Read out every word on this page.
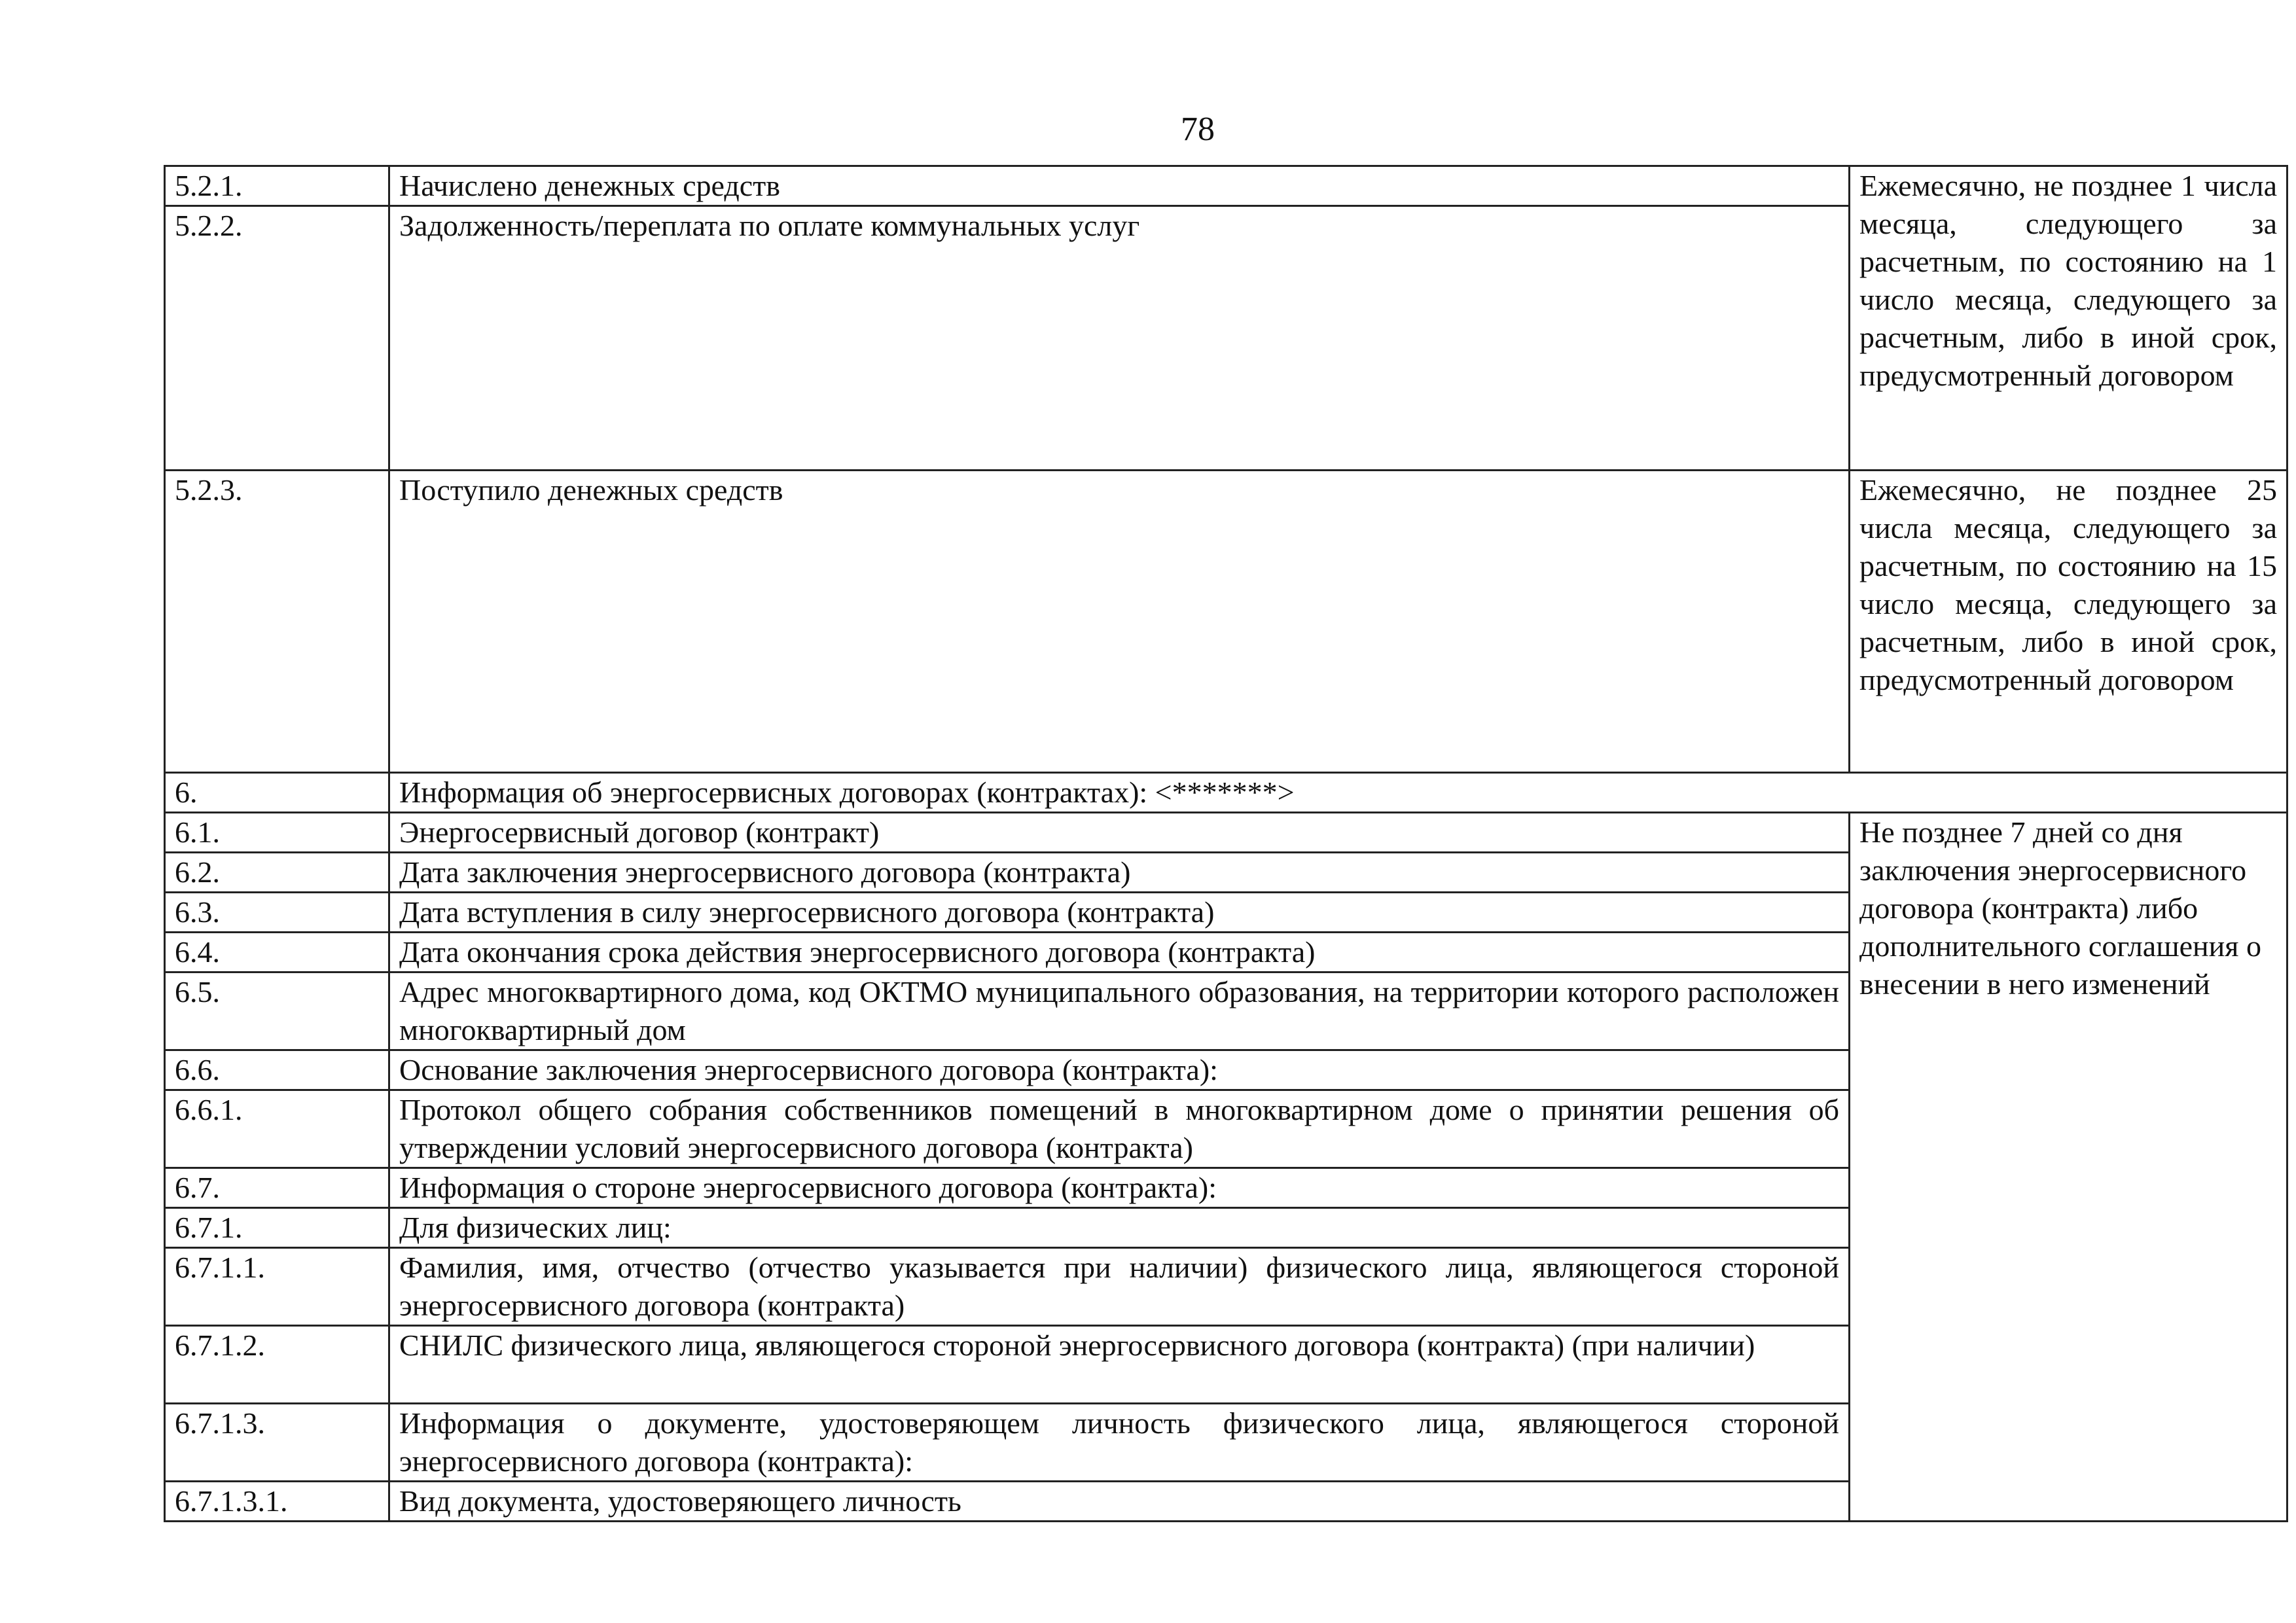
78
5.2.1.	Начислено денежных средств	Ежемесячно, не позднее 1 числа месяца, следующего за расчетным, по состоянию на 1 число месяца, следующего за расчетным, либо в иной срок, предусмотренный договором
5.2.2.	Задолженность/переплата по оплате коммунальных услуг	
5.2.3.	Поступило денежных средств	Ежемесячно, не позднее 25 числа месяца, следующего за расчетным, по состоянию на 15 число месяца, следующего за расчетным, либо в иной срок, предусмотренный договором
6.	Информация об энергосервисных договорах (контрактах): <*******>	
6.1.	Энергосервисный договор (контракт)	Не позднее 7 дней со дня заключения энергосервисного договора (контракта) либо дополнительного соглашения о внесении в него изменений
6.2.	Дата заключения энергосервисного договора (контракта)	
6.3.	Дата вступления в силу энергосервисного договора (контракта)	
6.4.	Дата окончания срока действия энергосервисного договора (контракта)	
6.5.	Адрес многоквартирного дома, код ОКТМО муниципального образования, на территории которого расположен многоквартирный дом	
6.6.	Основание заключения энергосервисного договора (контракта):	
6.6.1.	Протокол общего собрания собственников помещений в многоквартирном доме о принятии решения об утверждении условий энергосервисного договора (контракта)	
6.7.	Информация о стороне энергосервисного договора (контракта):	
6.7.1.	Для физических лиц:	
6.7.1.1.	Фамилия, имя, отчество (отчество указывается при наличии) физического лица, являющегося стороной энергосервисного договора (контракта)	
6.7.1.2.	СНИЛС физического лица, являющегося стороной энергосервисного договора (контракта) (при наличии)	
6.7.1.3.	Информация о документе, удостоверяющем личность физического лица, являющегося стороной энергосервисного договора (контракта):	
6.7.1.3.1.	Вид документа, удостоверяющего личность	
